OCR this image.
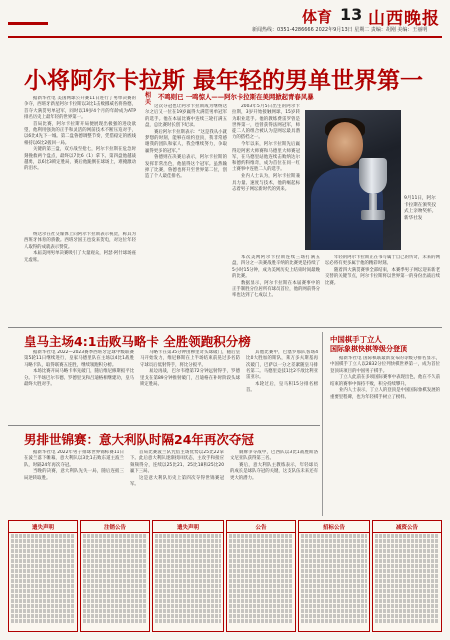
体育 13 山西晚报
新闻热线：0351-4286666 2022年9月13日 星期二 责编：胡刚 美编：王丽明
小将阿尔卡拉斯 最年轻的男单世界第一
相关
不鸣则已 一鸣惊人——阿尔卡拉斯在美网掀起青春风暴

据新华社电 美国网球公开赛11日进行了男单决赛的争夺，西班牙新星阿尔卡拉斯以3比1击败挪威名将鲁德，首夺大满贯男单冠军，同时以19岁4个月的年龄成为ATP排名历史上最年轻的世界第一。

首局比赛，阿尔卡拉斯开局便展现出极强的进攻欲望，他利用强劲的正手和灵活的网前技术不断压迫对手，以6比4先下一城。第二盘鲁德调整节奏，凭借稳定的底线相持以6比2扳回一局。

关键的第三盘，双方战至抢七，阿尔卡拉斯在危急时刻挽救两个盘点，最终以7比6（1）拿下。第四盘他越战越勇，以6比3锁定胜局，赛后他跪倒在球场上，难掩激动的泪水。

纳达尔在社交媒体上向阿尔卡拉斯表示祝贺，称其为西班牙体育的骄傲。西班牙国王也发来贺电，对这位年轻人取得的成就表示赞赏。

本届美网男单决赛吸引了大量观众，阿瑟·阿什球场座无虚席。

这次夺冠也让阿尔卡拉斯成为继纳达尔之后又一位在19岁赢得大满贯男单冠军的选手。他在本届比赛中连续三轮打满五盘，总比赛时长创下纪录。

赛后阿尔卡拉斯表示：“这是我从小就梦想的时刻，能够在纽约登顶，我非常感谢我的团队和家人，我会继续努力，争取赢得更多的冠军。”

鲁德则在决赛后表示，阿尔卡拉斯的发挥非常出色，他值得这个冠军。虽然输掉了比赛，鲁德也将升至世界第二位，创造了个人最佳排名。

2003年5月5日出生的阿尔卡拉斯，3岁开始接触网球，15岁转为职业选手。他的教练费雷罗曾是世界第一，也曾获得法网冠军，师徒二人的组合被认为是网坛最具潜力的搭档之一。

今年以来，阿尔卡拉斯先后赢得迈阿密大师赛和马德里大师赛冠军，在马德里站他连续击败纳达尔和德约科维奇，成为首位在同一红土赛事中连胜二人的选手。

业内人士认为，阿尔卡拉斯兼具力量、速度与技术，他的崛起标志着男子网坛新时代的到来。

9月11日，阿尔卡拉斯在颁奖仪式上亲吻奖杯。新华社发

本次美网阿尔卡拉斯连续三场打满五盘，四分之一决赛战胜辛纳的比赛更是持续了5小时15分钟，成为美网历史上结束时间最晚的比赛。

数据显示，阿尔卡拉斯在本届赛事中的正手制胜分位居所有球员首位，他的网前得分率也达到了七成以上。

年轻的阿尔卡拉斯正在书写属于自己的传奇，未来的网坛必将有更多属于他的精彩时刻。

随着四大满贯赛事全部结束，本赛季男子网坛迎来新老交替的关键节点，阿尔卡拉斯将以世界第一的身份出战后续比赛。

皇马主场4:1击败马略卡 全胜领跑积分榜

据新华社电 2022—2023赛季西班牙足球甲级联赛第5轮11日继续进行，皇家马德里队在主场以4比1战胜马略卡队，取得联赛五连胜，继续领跑积分榜。

本场比赛开局马略卡率先破门，随后维尼修斯扳平比分。下半场巴尔韦德、罗德里戈和吕迪格相继建功，皇马最终大胜对手。

马略卡在第35分钟由穆里奇头球破门，随后皇马开始发力，维尼修斯在上半场结束前晃过多名防守球员后低射得手，将比分扳平。

易边再战，巴尔韦德第72分钟远射得手，罗德里戈在第89分钟推射破门，吕迪格在补时阶段头球锁定胜局。

其他比赛中，巴塞罗那队客场4比0大胜加的斯队，莱万多夫斯基再次破门，巴萨以一分之差紧随皇马排名第二。马德里竞技1比2不敌比利亚雷亚尔。

本轮过后，皇马积15分排名榜首。

中国棋手丁立人
国际象棋快棋等级分登顶

据新华社电 国际棋联最新发布的等级分排名显示，中国棋手丁立人以2832分位列快棋世界第一，成为首位登顶该项目的中国男子棋手。

丁立人此前在多项国际赛事中表现出色，他在不久前结束的赛事中保持不败，积分持续攀升。

业内人士表示，丁立人的登顶是中国国际象棋发展的重要里程碑，也为年轻棋手树立了榜样。

男排世锦赛：意大利队时隔24年再次夺冠

据新华社电 2022年男子排球世界锦标赛11日在波兰落下帷幕，意大利队以3比1击败东道主波兰队，时隔24年再次夺冠。

当晚的决赛，意大利队先失一局，随后连扳三局逆转取胜。

首局比赛波兰队凭借主场优势以25比22拿下。此后意大利队逐渐找回状态，主攻手和接应频频得分，连续以25比21、25比18和25比20赢下三局。

这是意大利队历史上第四次夺得世锦赛冠军。

铜牌争夺战中，巴西队以3比1战胜斯洛文尼亚队获得第三名。

赛后，意大利队主教练表示，年轻球员的成长是球队夺冠的关键，这支队伍未来还有更大的潜力。

遗失声明	注销公告	遗失声明	公告	招标公告	减资公告
